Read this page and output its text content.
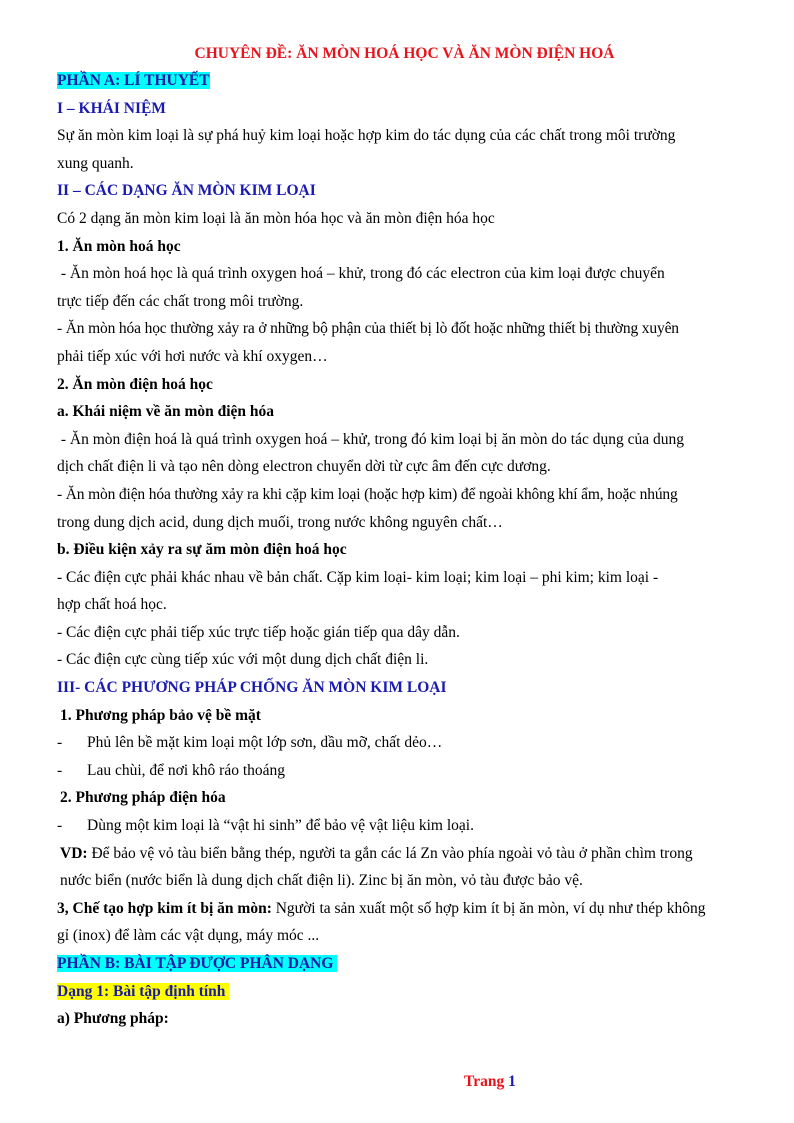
CHUYÊN ĐỀ: ĂN MÒN HOÁ HỌC VÀ ĂN MÒN ĐIỆN HOÁ

PHẦN A: LÍ THUYẾT

I – KHÁI NIỆM

Sự ăn mòn kim loại là sự phá huỷ kim loại hoặc hợp kim do tác dụng của các chất trong môi trường

xung quanh.

II – CÁC DẠNG ĂN MÒN KIM LOẠI

Có 2 dạng ăn mòn kim loại là ăn mòn hóa học và ăn mòn điện hóa học

1. Ăn mòn hoá học

- Ăn mòn hoá học là quá trình oxygen hoá – khử, trong đó các electron của kim loại được chuyển

trực tiếp đến các chất trong môi trường.

- Ăn mòn hóa học thường xảy ra ở những bộ phận của thiết bị lò đốt hoặc những thiết bị thường xuyên

phải tiếp xúc với hơi nước và khí oxygen…

2. Ăn mòn điện hoá học

a. Khái niệm về ăn mòn điện hóa

- Ăn mòn điện hoá là quá trình oxygen hoá – khử, trong đó kim loại bị ăn mòn do tác dụng của dung

dịch chất điện li và tạo nên dòng electron chuyển dời từ cực âm đến cực dương.

- Ăn mòn điện hóa thường xảy ra khi cặp kim loại (hoặc hợp kim) để ngoài không khí ẩm, hoặc nhúng

trong dung dịch acid, dung dịch muối, trong nước không nguyên chất…

b. Điều kiện xảy ra sự ăm mòn điện hoá học

- Các điện cực phải khác nhau về bản chất. Cặp kim loại- kim loại; kim loại – phi kim; kim loại -

hợp chất hoá học.

- Các điện cực phải tiếp xúc trực tiếp hoặc gián tiếp qua dây dẫn.

- Các điện cực cùng tiếp xúc với một dung dịch chất điện li.

III- CÁC PHƯƠNG PHÁP CHỐNG ĂN MÒN KIM LOẠI

1. Phương pháp bảo vệ bề mặt

-	Phủ lên bề mặt kim loại một lớp sơn, dầu mỡ, chất dẻo…
-	Lau chùi, để nơi khô ráo thoáng

2. Phương pháp điện hóa

-	Dùng một kim loại là “vật hi sinh” để bảo vệ vật liệu kim loại.

VD: Để bảo vệ vỏ tàu biển bằng thép, người ta gắn các lá Zn vào phía ngoài vỏ tàu ở phần chìm trong

nước biển (nước biển là dung dịch chất điện li). Zinc bị ăn mòn, vỏ tàu được bảo vệ.

3, Chế tạo hợp kim ít bị ăn mòn: Người ta sản xuất một số hợp kim ít bị ăn mòn, ví dụ như thép không

gỉ (inox) để làm các vật dụng, máy móc ...

PHẦN B: BÀI TẬP ĐƯỢC PHÂN DẠNG

Dạng 1: Bài tập định tính

a) Phương pháp:

Trang 1
